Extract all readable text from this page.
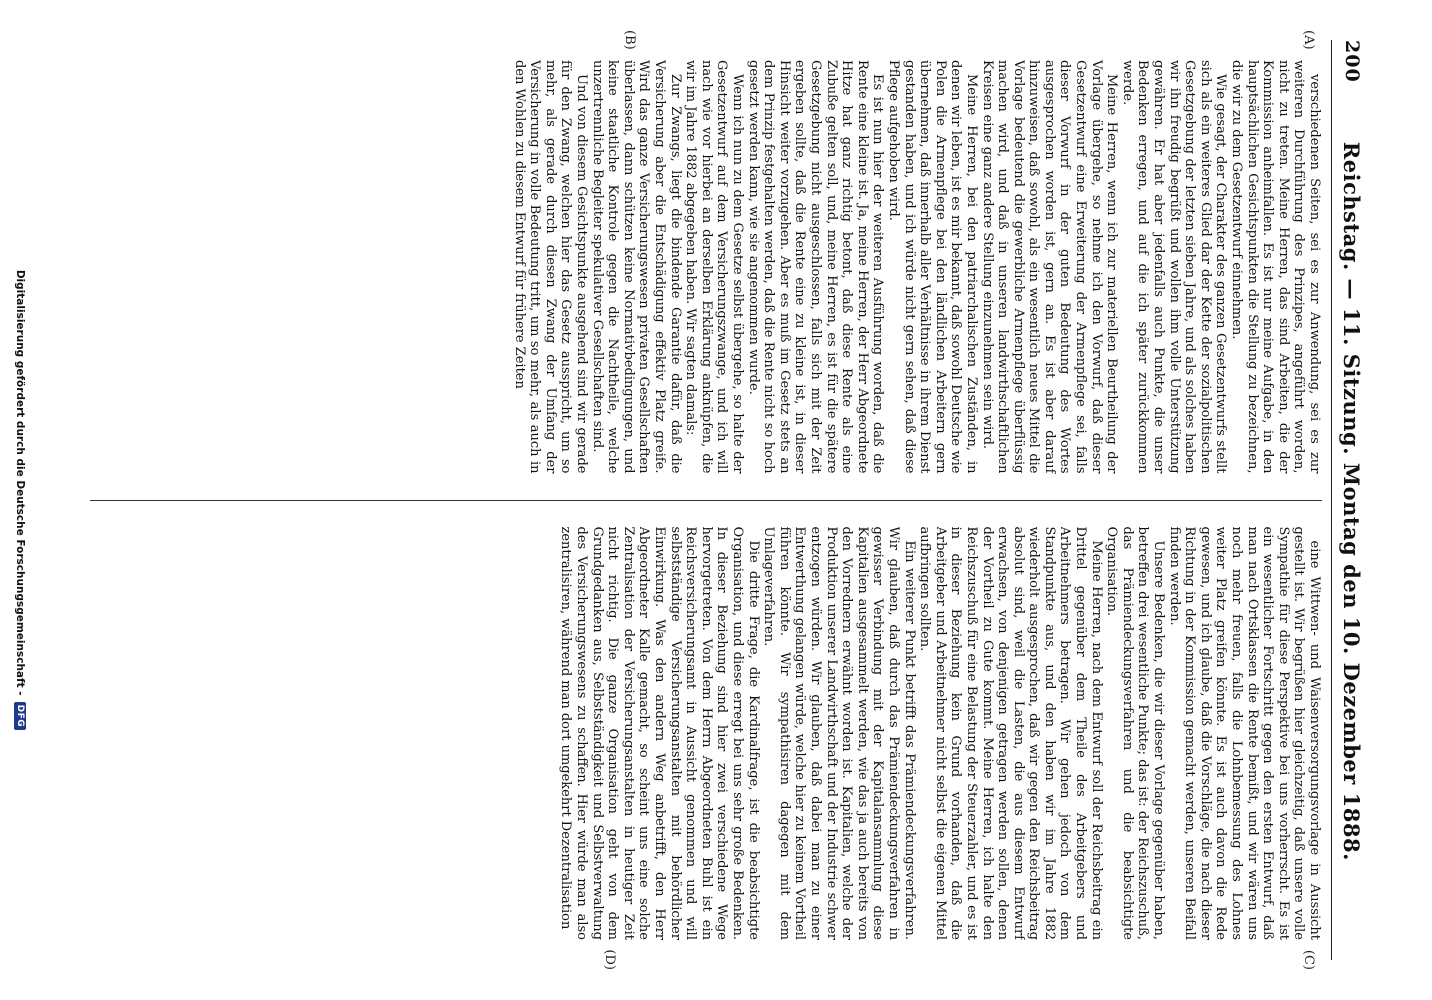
200
Reichstag. — 11. Sitzung. Montag den 10. Dezember 1888.
(A)
(B)
(C)
(D)

verschiedenen Seiten, sei es zur Anwendung, sei es zur weiteren Durchführung des Prinzipes, angeführt worden, nicht zu treten. Meine Herren, das sind Arbeiten, die der Kommission anheimfallen. Es ist nur meine Aufgabe, in den hauptsächlichen Gesichtspunkten die Stellung zu bezeichnen, die wir zu dem Gesetzentwurf einnehmen.

Wie gesagt, der Charakter des ganzen Gesetzentwurfs stellt sich als ein weiteres Glied dar der Kette der sozialpolitischen Gesetzgebung der letzten sieben Jahre, und als solches haben wir ihn freudig begrüßt und wollen ihm volle Unterstützung gewähren. Er hat aber jedenfalls auch Punkte, die unser Bedenken erregen, und auf die ich später zurückkommen werde.

Meine Herren, wenn ich zur materiellen Beurtheilung der Vorlage übergehe, so nehme ich den Vorwurf, daß dieser Gesetzentwurf eine Erweiterung der Armenpflege sei, falls dieser Vorwurf in der guten Bedeutung des Wortes ausgesprochen worden ist, gern an. Es ist aber darauf hinzuweisen, daß sowohl, als ein wesentlich neues Mittel die Vorlage bedeutend die gewerbliche Armenpflege überflüssig machen wird, und daß in unseren landwirthschaftlichen Kreisen eine ganz andere Stellung einzunehmen sein wird.

Meine Herren, bei den patriarchalischen Zuständen, in denen wir leben, ist es mir bekannt, daß sowohl Deutsche wie Polen die Armenpflege bei den ländlichen Arbeitern gern übernehmen, daß innerhalb aller Verhältnisse in ihrem Dienst gestanden haben, und ich würde nicht gern sehen, daß diese Pflege aufgehoben wird.

Es ist nun hier der weiteren Ausführung worden, daß die Rente eine kleine ist. Ja, meine Herren, der Herr Abgeordnete Hitze hat ganz richtig betont, daß diese Rente als eine Zubuße gelten soll, und, meine Herren, es ist für die spätere Gesetzgebung nicht ausgeschlossen, falls sich mit der Zeit ergeben sollte, daß die Rente eine zu kleine ist, in dieser Hinsicht weiter vorzugehen. Aber es muß im Gesetz stets an dem Prinzip festgehalten werden, daß die Rente nicht so hoch gesetzt werden kann, wie sie angenommen wurde.

Wenn ich nun zu dem Gesetze selbst übergehe, so halte der Gesetzentwurf auf dem Versicherungszwange, und ich will nach wie vor hierbei an derselben Erklärung anknüpfen, die wir im Jahre 1882 abgegeben haben. Wir sagten damals:

Zur Zwangs, liegt die bindende Garantie dafür, daß die Versicherung aber die Entschädigung effektiv Platz greife. Wird das ganze Versicherungswesen privaten Gesellschaften überlassen, dann schützen keine Normativbedingungen, und keine staatliche Kontrole gegen die Nachtheile, welche unzertrennliche Begleiter spekulativer Gesellschaften sind.

Und von diesem Gesichtspunkte ausgehend sind wir gerade für den Zwang, welchen hier das Gesetz ausspricht, um so mehr, als gerade durch diesen Zwang der Umfang der Versicherung in volle Bedeutung tritt, um so mehr, als auch in den Wohlen zu diesem Entwurf für frühere Zeiten

eine Wittwen- und Waisenversorgungsvorlage in Aussicht gestellt ist. Wir begrüßen hier gleichzeitig, daß unsere volle Sympathie für diese Perspektive bei uns vorherrscht. Es ist ein wesentlicher Fortschritt gegen den ersten Entwurf, daß man nach Ortsklassen die Rente bemißt, und wir wären uns noch mehr freuen, falls die Lohnbemessung des Lohnes weiter Platz greifen könnte. Es ist auch davon die Rede gewesen, und ich glaube, daß die Vorschläge, die nach dieser Richtung in der Kommission gemacht werden, unseren Beifall finden werden.

Unsere Bedenken, die wir dieser Vorlage gegenüber haben, betreffen drei wesentliche Punkte; das ist: der Reichszuschuß, das Prämiendeckungsverfahren und die beabsichtigte Organisation.

Meine Herren, nach dem Entwurf soll der Reichsbeitrag ein Drittel gegenüber dem Theile des Arbeitgebers und Arbeitnehmers betragen. Wir gehen jedoch von dem Standpunkte aus, und den haben wir im Jahre 1882 wiederholt ausgesprochen, daß wir gegen den Reichsbeitrag absolut sind, weil die Lasten, die aus diesem Entwurf erwachsen, von denjenigen getragen werden sollen, denen der Vortheil zu Gute kommt. Meine Herren, ich halte den Reichszuschuß für eine Belastung der Steuerzahler, und es ist in dieser Beziehung kein Grund vorhanden, daß die Arbeitgeber und Arbeitnehmer nicht selbst die eigenen Mittel aufbringen sollten.

Ein weiterer Punkt betrifft das Prämiendeckungsverfahren. Wir glauben, daß durch das Prämiendeckungsverfahren in gewisser Verbindung mit der Kapitalansammlung diese Kapitalien ausgesammelt werden, wie das ja auch bereits von den Vorrednern erwähnt worden ist. Kapitalien, welche der Produktion unserer Landwirthschaft und der Industrie schwer entzogen würden. Wir glauben, daß dabei man zu einer Entwerthung gelangen würde, welche hier zu keinem Vortheil führen könnte. Wir sympathisiren dagegen mit dem Umlageverfahren.

Die dritte Frage, die Kardinalfrage, ist die beabsichtigte Organisation, und diese erregt bei uns sehr große Bedenken. In dieser Beziehung sind hier zwei verschiedene Wege hervorgetreten. Von dem Herrn Abgeordneten Buhl ist ein Reichsversicherungsamt in Aussicht genommen und will selbstständige Versicherungsanstalten mit behördlicher Einwirkung. Was den andern Weg anbetrifft, den Herr Abgeordneter Kalle gemacht, so scheint uns eine solche Zentralisation der Versicherungsanstalten in heutiger Zeit nicht richtig. Die ganze Organisation geht von dem Grundgedanken aus, Selbstständigkeit und Selbstverwaltung des Versicherungswesens zu schaffen. Hier würde man also zentralisiren, während man dort umgekehrt Dezentralisation

Digitalisierung gefördert durch die Deutsche Forschungsgemeinschaft -
DFG
